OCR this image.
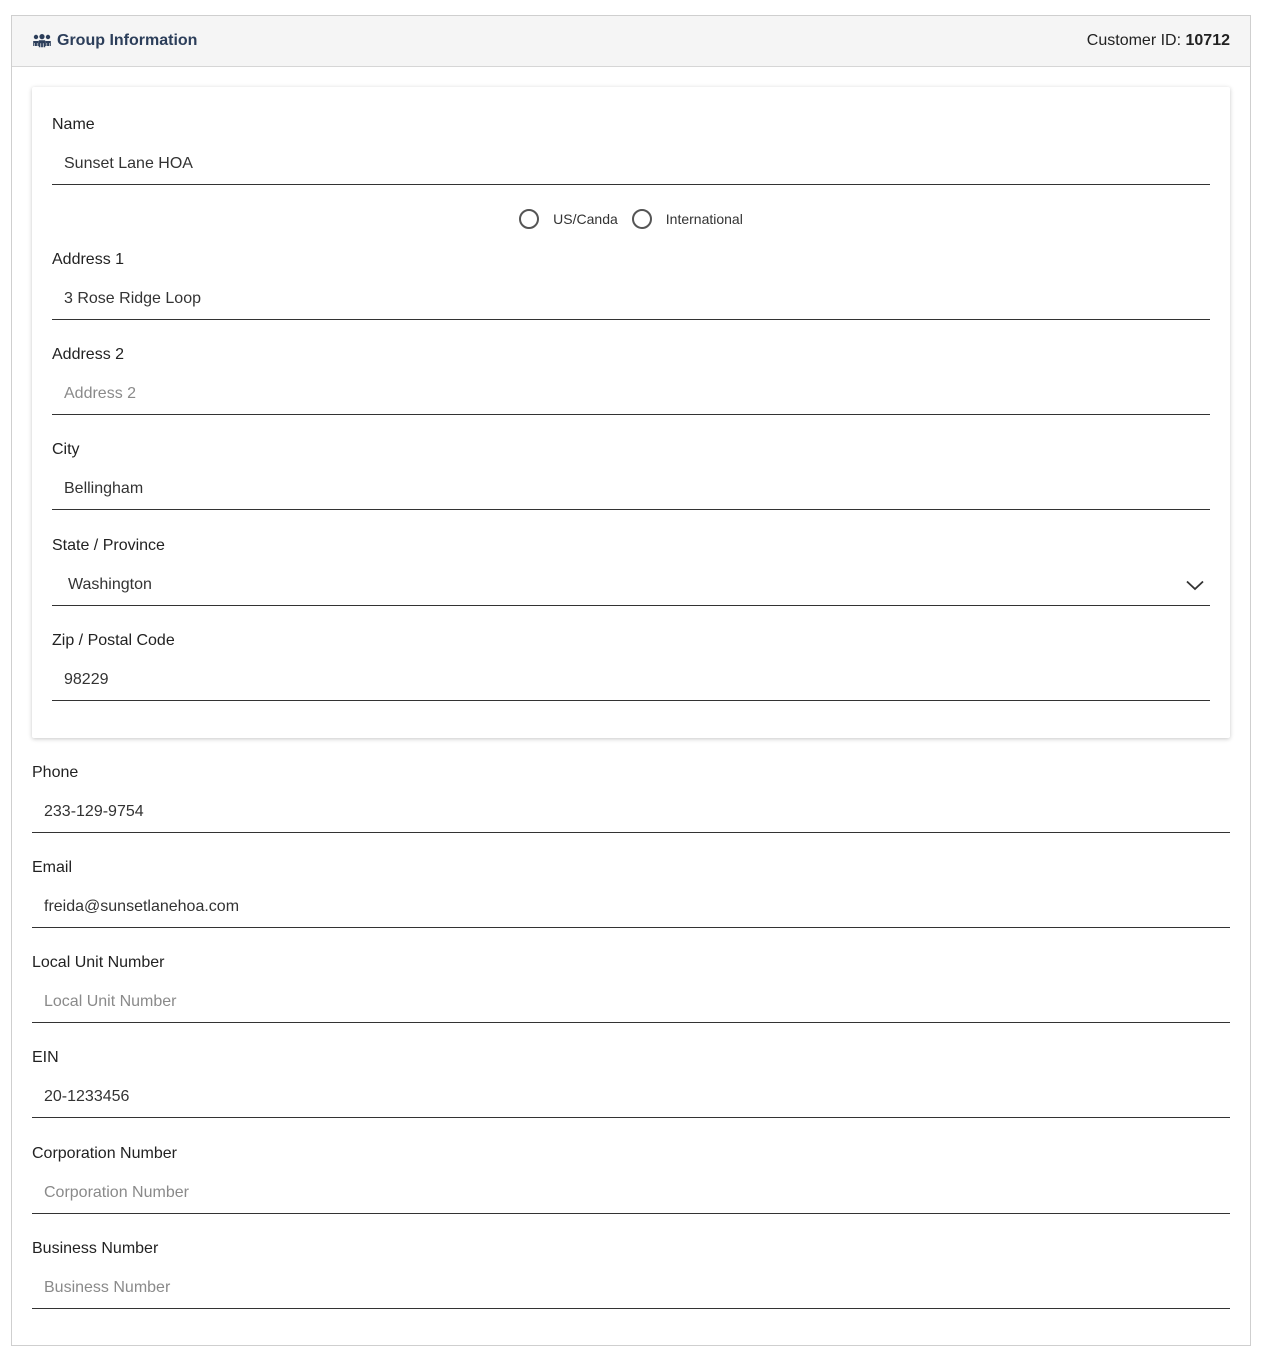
Group Information	Customer ID: 10712
Name
Sunset Lane HOA
US/Canda	International
Address 1
3 Rose Ridge Loop
Address 2
Address 2
City
Bellingham
State / Province
Washington
Zip / Postal Code
98229
Phone
233-129-9754
Email
freida@sunsetlanehoa.com
Local Unit Number
Local Unit Number
EIN
20-1233456
Corporation Number
Corporation Number
Business Number
Business Number
